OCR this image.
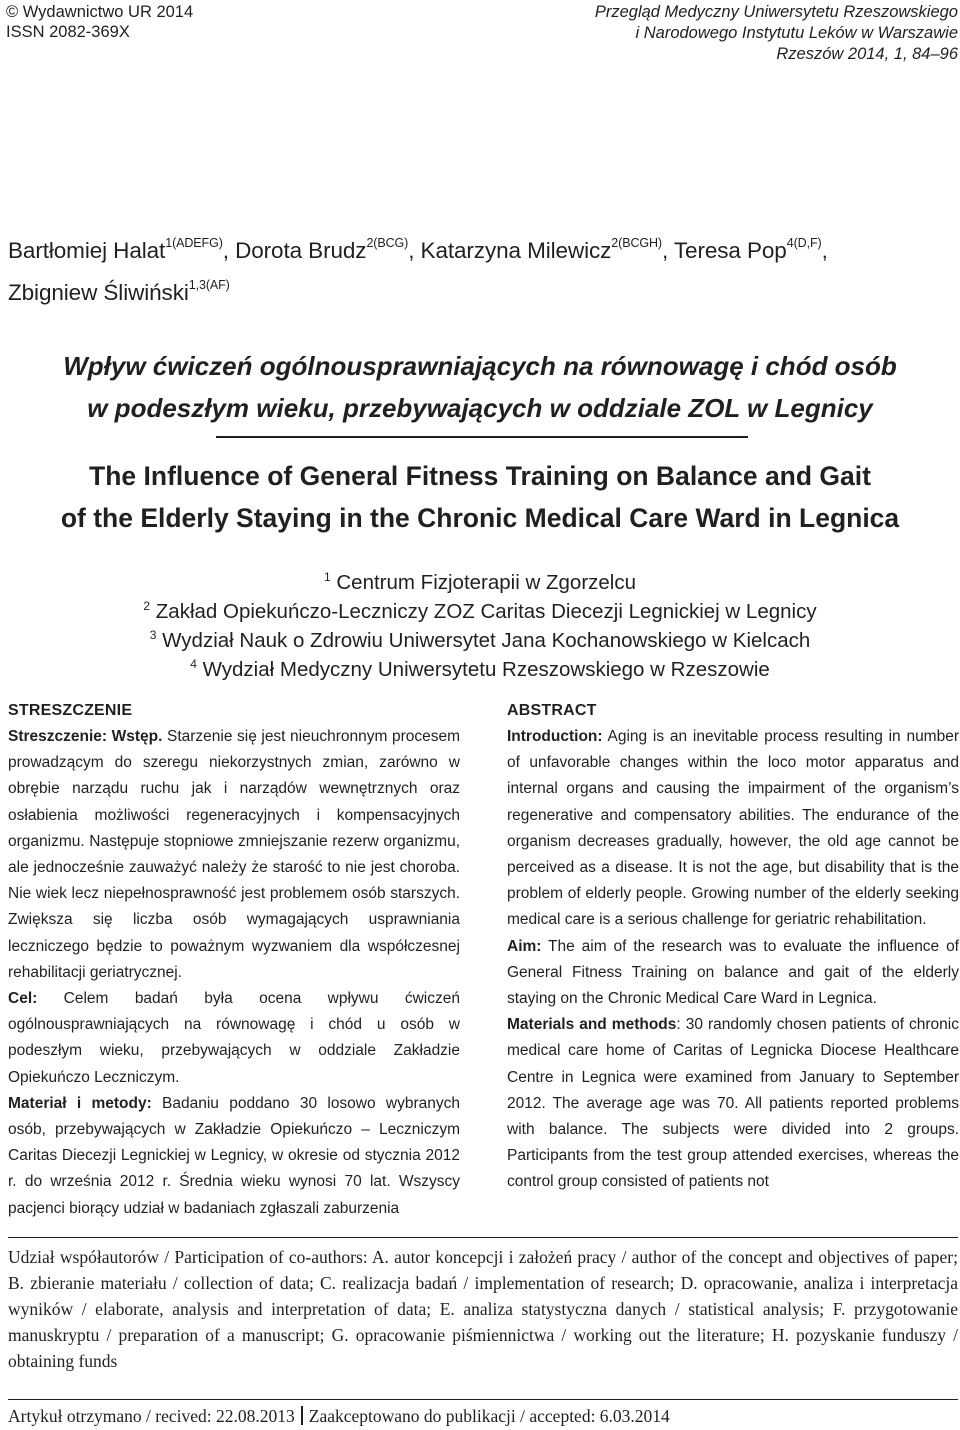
© Wydawnictwo UR 2014
ISSN 2082-369X
Przegląd Medyczny Uniwersytetu Rzeszowskiego
i Narodowego Instytutu Leków w Warszawie
Rzeszów 2014, 1, 84–96
Bartłomiej Halat$^{1(ADEFG)}$, Dorota Brudz$^{2(BCG)}$, Katarzyna Milewicz$^{2(BCGH)}$, Teresa Pop$^{4(D,F)}$,
Zbigniew Śliwiński$^{1,3(AF)}$
Wpływ ćwiczeń ogólnousprawniających na równowagę i chód osób
w podeszłym wieku, przebywających w oddziale ZOL w Legnicy
The Influence of General Fitness Training on Balance and Gait
of the Elderly Staying in the Chronic Medical Care Ward in Legnica
$^1$ Centrum Fizjoterapii w Zgorzelcu
$^2$ Zakład Opiekuńczo-Leczniczy ZOZ Caritas Diecezji Legnickiej w Legnicy
$^3$ Wydział Nauk o Zdrowiu Uniwersytet Jana Kochanowskiego w Kielcach
$^4$ Wydział Medyczny Uniwersytetu Rzeszowskiego w Rzeszowie
STRESZCZENIE

Streszczenie: Wstęp. Starzenie się jest nieuchronnym procesem prowadzącym do szeregu niekorzystnych zmian, zarówno w obrębie narządu ruchu jak i narządów wewnętrznych oraz osłabienia możliwości regeneracyjnych i kompensacyjnych organizmu. Następuje stopniowe zmniejszanie rezerw organizmu, ale jednocześnie zauważyć należy że starość to nie jest choroba. Nie wiek lecz niepełnosprawność jest problemem osób starszych. Zwiększa się liczba osób wymagających usprawniania leczniczego będzie to poważnym wyzwaniem dla współczesnej rehabilitacji geriatrycznej.

Cel: Celem badań była ocena wpływu ćwiczeń ogólnousprawniających na równowagę i chód u osób w podeszłym wieku, przebywających w oddziale Zakładzie Opiekuńczo Leczniczym.

Materiał i metody: Badaniu poddano 30 losowo wybranych osób, przebywających w Zakładzie Opiekuńczo – Leczniczym Caritas Diecezji Legnickiej w Legnicy, w okresie od stycznia 2012 r. do września 2012 r. Średnia wieku wynosi 70 lat. Wszyscy pacjenci biorący udział w badaniach zgłaszali zaburzenia

ABSTRACT

Introduction: Aging is an inevitable process resulting in number of unfavorable changes within the loco motor apparatus and internal organs and causing the impairment of the organism’s regenerative and compensatory abilities. The endurance of the organism decreases gradually, however, the old age cannot be perceived as a disease. It is not the age, but disability that is the problem of elderly people. Growing number of the elderly seeking medical care is a serious challenge for geriatric rehabilitation.

Aim: The aim of the research was to evaluate the influence of General Fitness Training on balance and gait of the elderly staying on the Chronic Medical Care Ward in Legnica.

Materials and methods: 30 randomly chosen patients of chronic medical care home of Caritas of Legnicka Diocese Healthcare Centre in Legnica were examined from January to September 2012. The average age was 70. All patients reported problems with balance. The subjects were divided into 2 groups. Participants from the test group attended exercises, whereas the control group consisted of patients not

Udział współautorów / Participation of co-authors: A. autor koncepcji i założeń pracy / author of the concept and objectives of paper; B. zbieranie materiału / collection of data; C. realizacja badań / implementation of research; D. opracowanie, analiza i interpretacja wyników / elaborate, analysis and interpretation of data; E. analiza statystyczna danych / statistical analysis; F. przygotowanie manuskryptu / preparation of a manuscript; G. opracowanie piśmiennictwa / working out the literature; H. pozyskanie funduszy / obtaining funds
Artykuł otrzymano / recived: 22.08.2013 Zaakceptowano do publikacji / accepted: 6.03.2014
